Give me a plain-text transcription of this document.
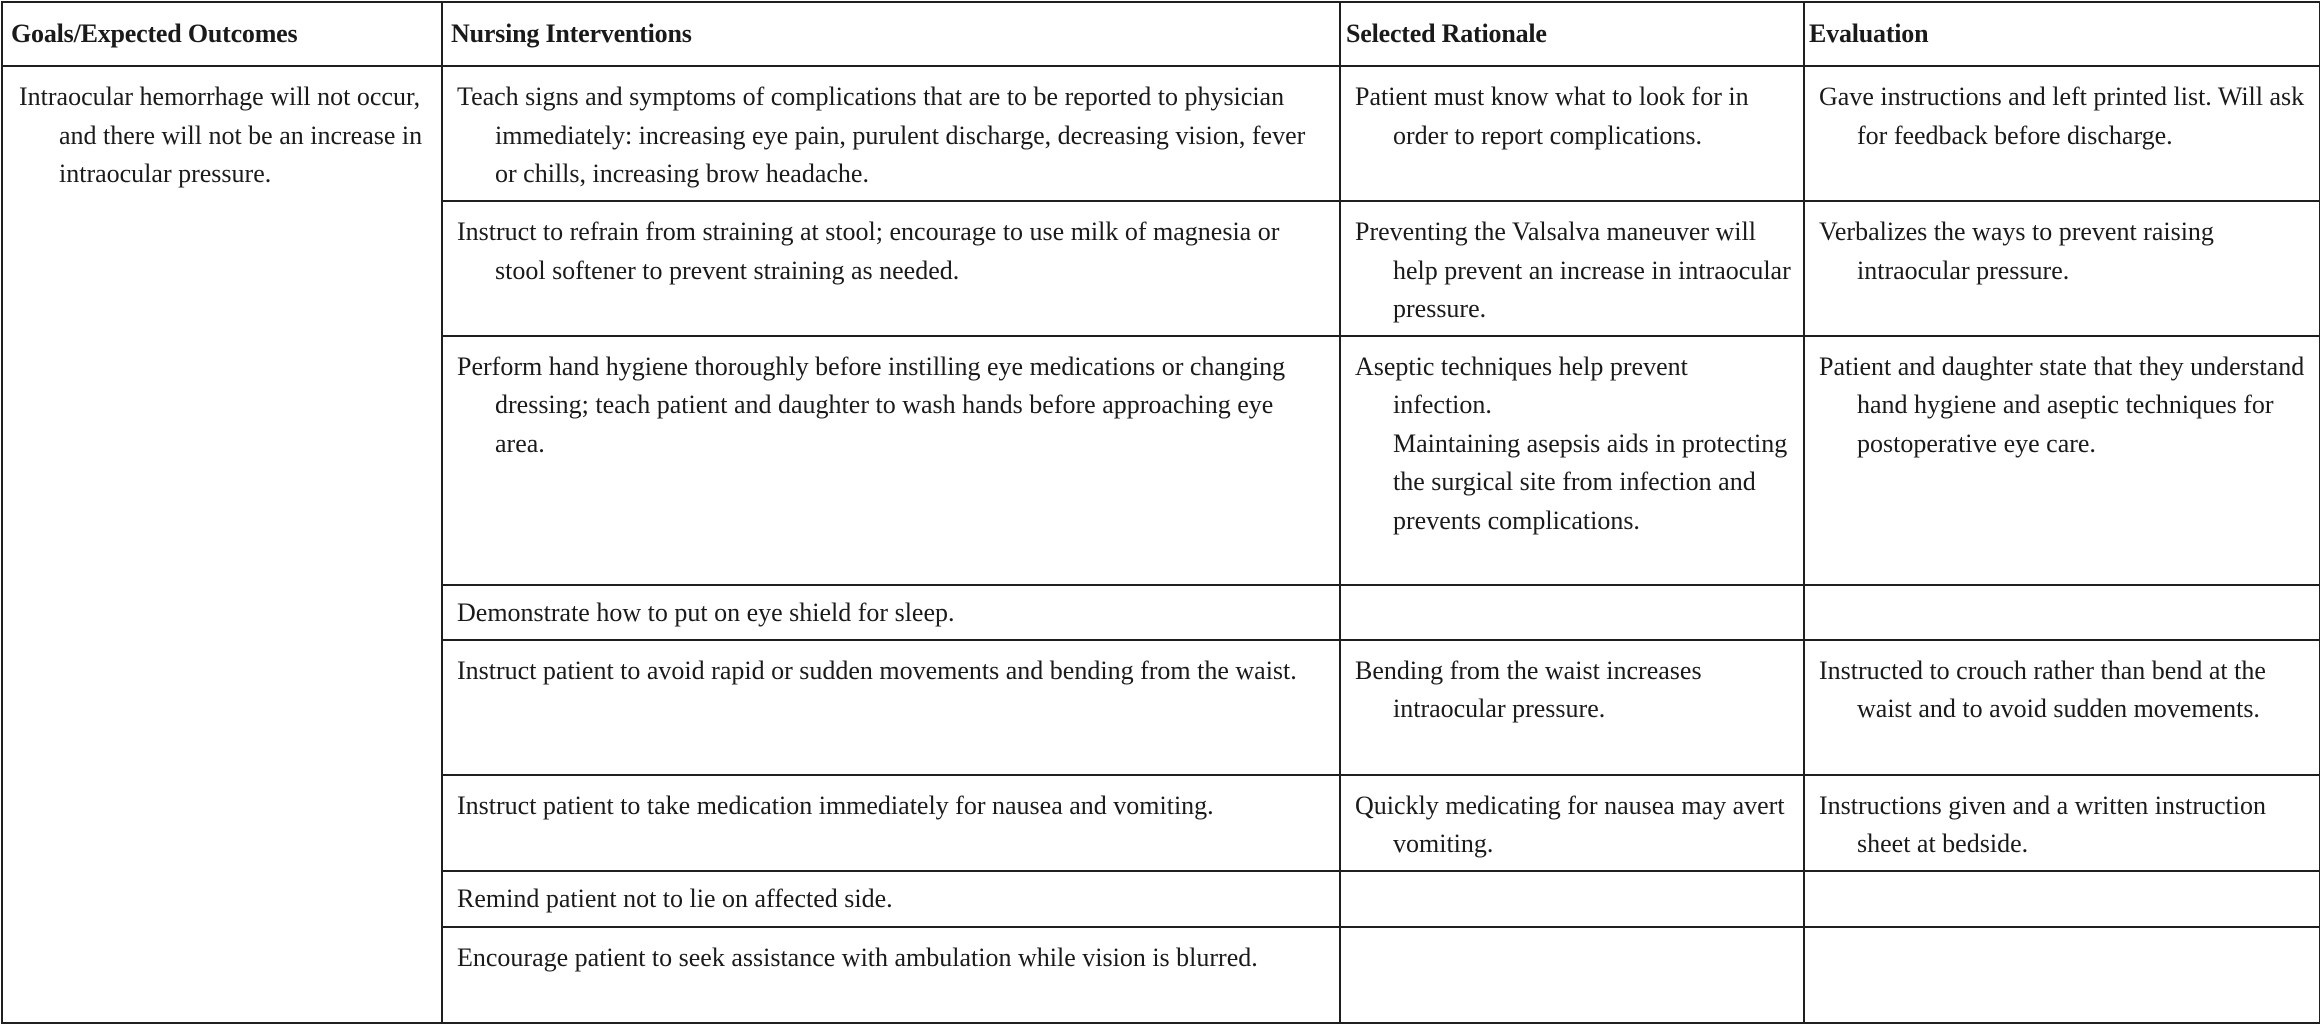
Goals/Expected Outcomes	Nursing Interventions	Selected Rationale	Evaluation

Intraocular hemorrhage will not occur, and there will not be an increase in intraocular pressure.	Teach signs and symptoms of complications that are to be reported to physician immediately: increasing eye pain, purulent discharge, decreasing vision, fever or chills, increasing brow headache.	Patient must know what to look for in order to report complications.	Gave instructions and left printed list. Will ask for feedback before discharge.

	Instruct to refrain from straining at stool; encourage to use milk of magnesia or stool softener to prevent straining as needed.	Preventing the Valsalva maneuver will help prevent an increase in intraocular pressure.	Verbalizes the ways to prevent raising intraocular pressure.

	Perform hand hygiene thoroughly before instilling eye medications or changing dressing; teach patient and daughter to wash hands before approaching eye area.	Aseptic techniques help prevent infection.
Maintaining asepsis aids in protecting the surgical site from infection and prevents complications.	Patient and daughter state that they understand hand hygiene and aseptic techniques for postoperative eye care.

	Demonstrate how to put on eye shield for sleep.		

	Instruct patient to avoid rapid or sudden movements and bending from the waist.	Bending from the waist increases intraocular pressure.	Instructed to crouch rather than bend at the waist and to avoid sudden movements.

	Instruct patient to take medication immediately for nausea and vomiting.	Quickly medicating for nausea may avert vomiting.	Instructions given and a written instruction sheet at bedside.

	Remind patient not to lie on affected side.		

	Encourage patient to seek assistance with ambulation while vision is blurred.		
